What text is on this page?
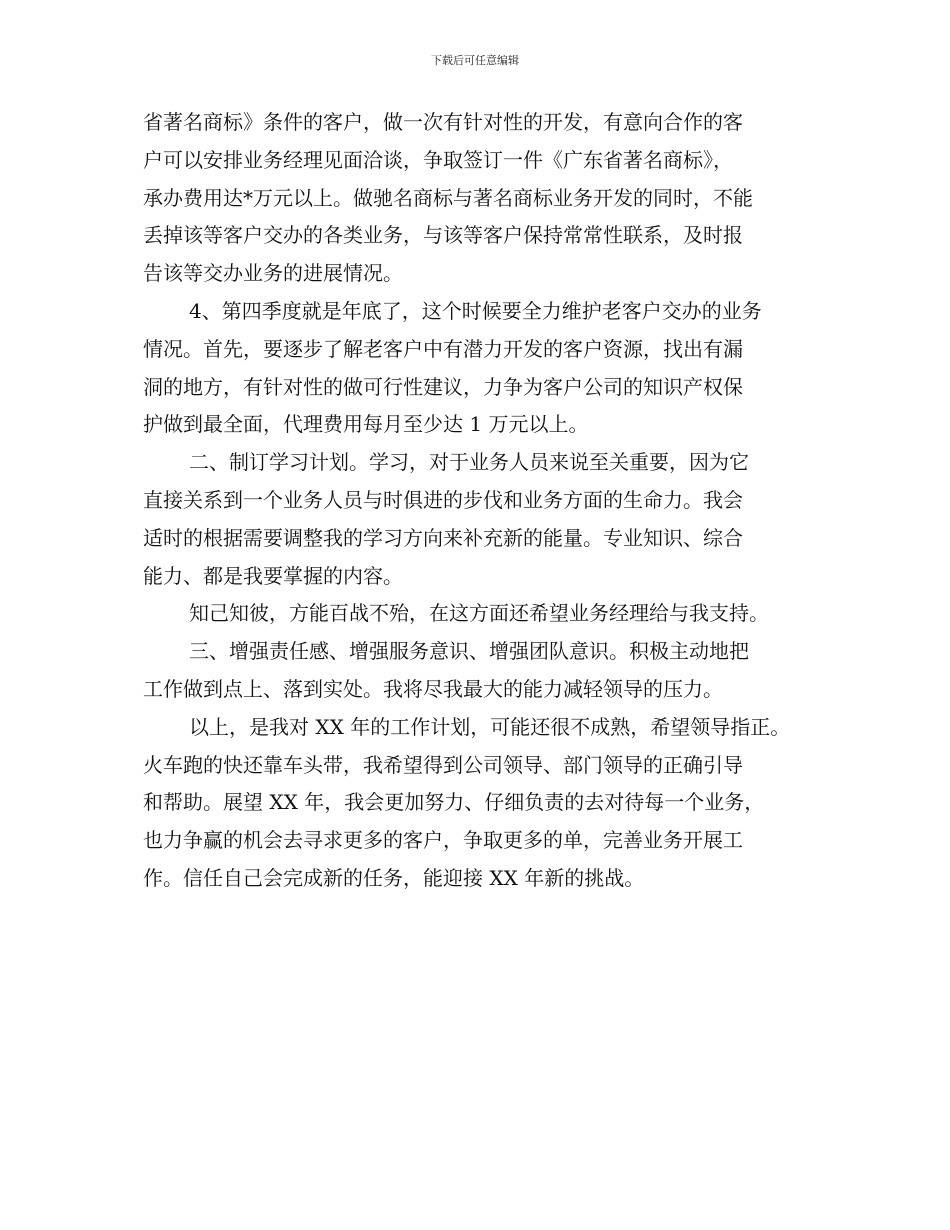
下载后可任意编辑
省著名商标》条件的客户，做一次有针对性的开发，有意向合作的客
户可以安排业务经理见面洽谈，争取签订一件《广东省著名商标》，
承办费用达*万元以上。做驰名商标与著名商标业务开发的同时，不能
丢掉该等客户交办的各类业务，与该等客户保持常常性联系，及时报
告该等交办业务的进展情况。
4、第四季度就是年底了，这个时候要全力维护老客户交办的业务
情况。首先，要逐步了解老客户中有潜力开发的客户资源，找出有漏
洞的地方，有针对性的做可行性建议，力争为客户公司的知识产权保
护做到最全面，代理费用每月至少达 1 万元以上。
二、制订学习计划。学习，对于业务人员来说至关重要，因为它
直接关系到一个业务人员与时俱进的步伐和业务方面的生命力。我会
适时的根据需要调整我的学习方向来补充新的能量。专业知识、综合
能力、都是我要掌握的内容。
知己知彼，方能百战不殆，在这方面还希望业务经理给与我支持。
三、增强责任感、增强服务意识、增强团队意识。积极主动地把
工作做到点上、落到实处。我将尽我最大的能力减轻领导的压力。
以上，是我对 XX 年的工作计划，可能还很不成熟，希望领导指正。
火车跑的快还靠车头带，我希望得到公司领导、部门领导的正确引导
和帮助。展望 XX 年，我会更加努力、仔细负责的去对待每一个业务，
也力争赢的机会去寻求更多的客户，争取更多的单，完善业务开展工
作。信任自己会完成新的任务，能迎接 XX 年新的挑战。
